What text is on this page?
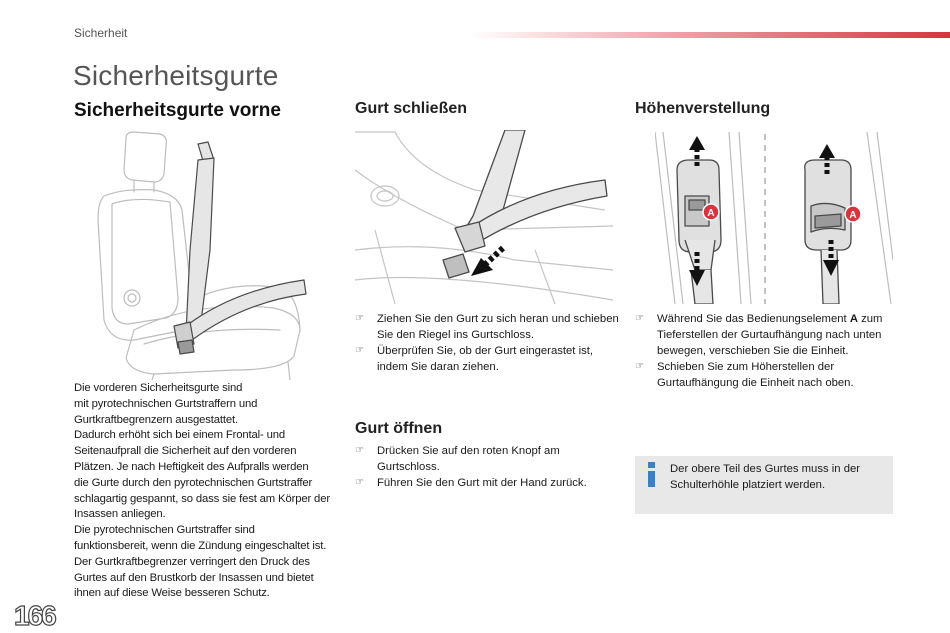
Sicherheit
Sicherheitsgurte
Sicherheitsgurte vorne	Gurt schließen	Höhenverstellung
A	A

Die vorderen Sicherheitsgurte sind

mit pyrotechnischen Gurtstraffern und

Gurtkraftbegrenzern ausgestattet.

Dadurch erhöht sich bei einem Frontal- und

Seitenaufprall die Sicherheit auf den vorderen

Plätzen. Je nach Heftigkeit des Aufpralls werden

die Gurte durch den pyrotechnischen Gurtstraffer

schlagartig gespannt, so dass sie fest am Körper der

Insassen anliegen.

Die pyrotechnischen Gurtstraffer sind

funktionsbereit, wenn die Zündung eingeschaltet ist.

Der Gurtkraftbegrenzer verringert den Druck des

Gurtes auf den Brustkorb der Insassen und bietet

ihnen auf diese Weise besseren Schutz.

☞ Ziehen Sie den Gurt zu sich heran und schieben Sie den Riegel ins Gurtschloss.
☞ Überprüfen Sie, ob der Gurt eingerastet ist, indem Sie daran ziehen.
Gurt öffnen
☞ Drücken Sie auf den roten Knopf am Gurtschloss.
☞ Führen Sie den Gurt mit der Hand zurück.
☞ Während Sie das Bedienungselement A zum Tieferstellen der Gurtaufhängung nach unten bewegen, verschieben Sie die Einheit.
☞ Schieben Sie zum Höherstellen der Gurtaufhängung die Einheit nach oben.
Der obere Teil des Gurtes muss in der Schulterhöhle platziert werden.
166
